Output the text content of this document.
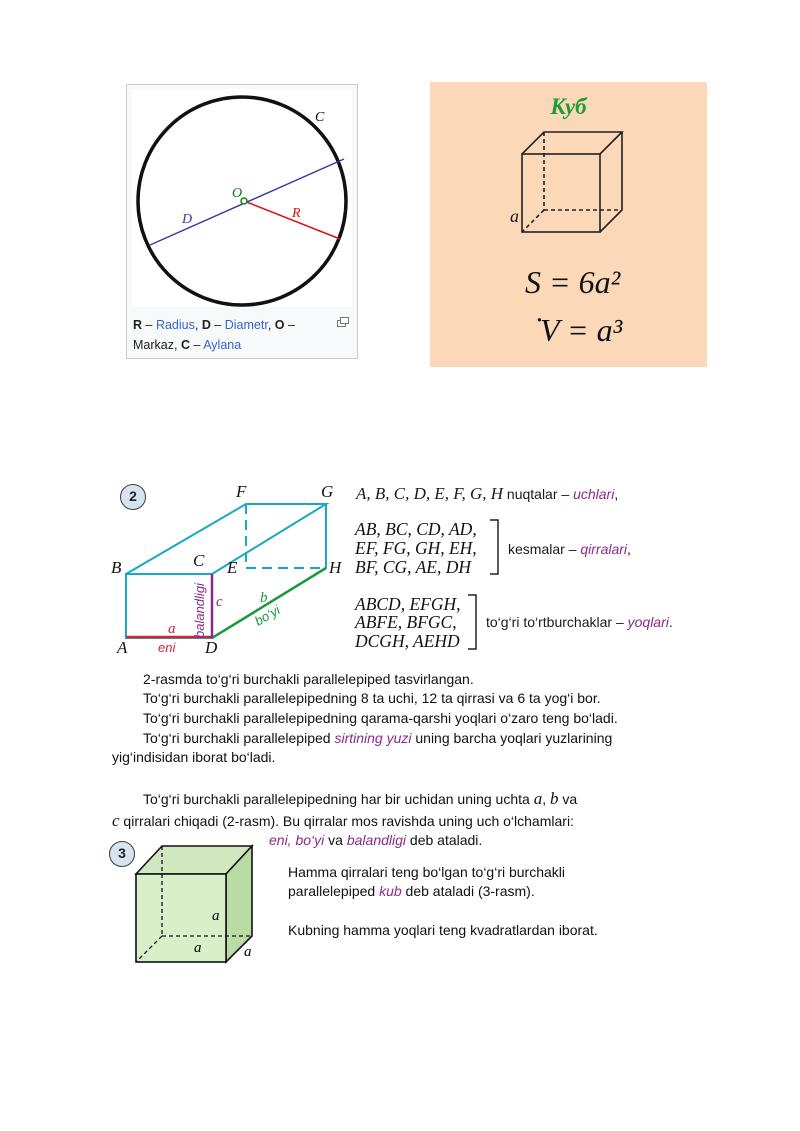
C
O
D	R
R – Radius, D – Diametr, O –
Markaz, C – Aylana
Куб
a
S = 6a²
˙
V = a³
2
a
eni
b
bo‘yi
c
balandligi
F	G
B	C E	H
A	D
A, B, C, D, E, F, G, H nuqtalar – uchlari,
AB, BC, CD, AD,
EF, FG, GH, EH,
BF, CG, AE, DH
kesmalar – qirralari,
ABCD, EFGH,
ABFE, BFGC,
DCGH, AEHD
to‘g‘ri to‘rtburchaklar – yoqlari.
2-rasmda to‘g‘ri burchakli parallelepiped tasvirlangan.
To‘g‘ri burchakli parallelepipedning 8 ta uchi, 12 ta qirrasi va 6 ta yog‘i bor.
To‘g‘ri burchakli parallelepipedning qarama-qarshi yoqlari o‘zaro teng bo‘ladi.
To‘g‘ri burchakli parallelepiped sirtining yuzi uning barcha yoqlari yuzlarining
yig‘indisidan iborat bo‘ladi.
To‘g‘ri burchakli parallelepipedning har bir uchidan uning uchta a, b va
c qirralari chiqadi (2-rasm). Bu qirralar mos ravishda uning uch o‘lchamlari:
eni, bo‘yi va balandligi deb ataladi.
3
a
a	a
Hamma qirralari teng bo‘lgan to‘g‘ri burchakli
parallelepiped kub deb ataladi (3-rasm).
Kubning hamma yoqlari teng kvadratlardan iborat.
